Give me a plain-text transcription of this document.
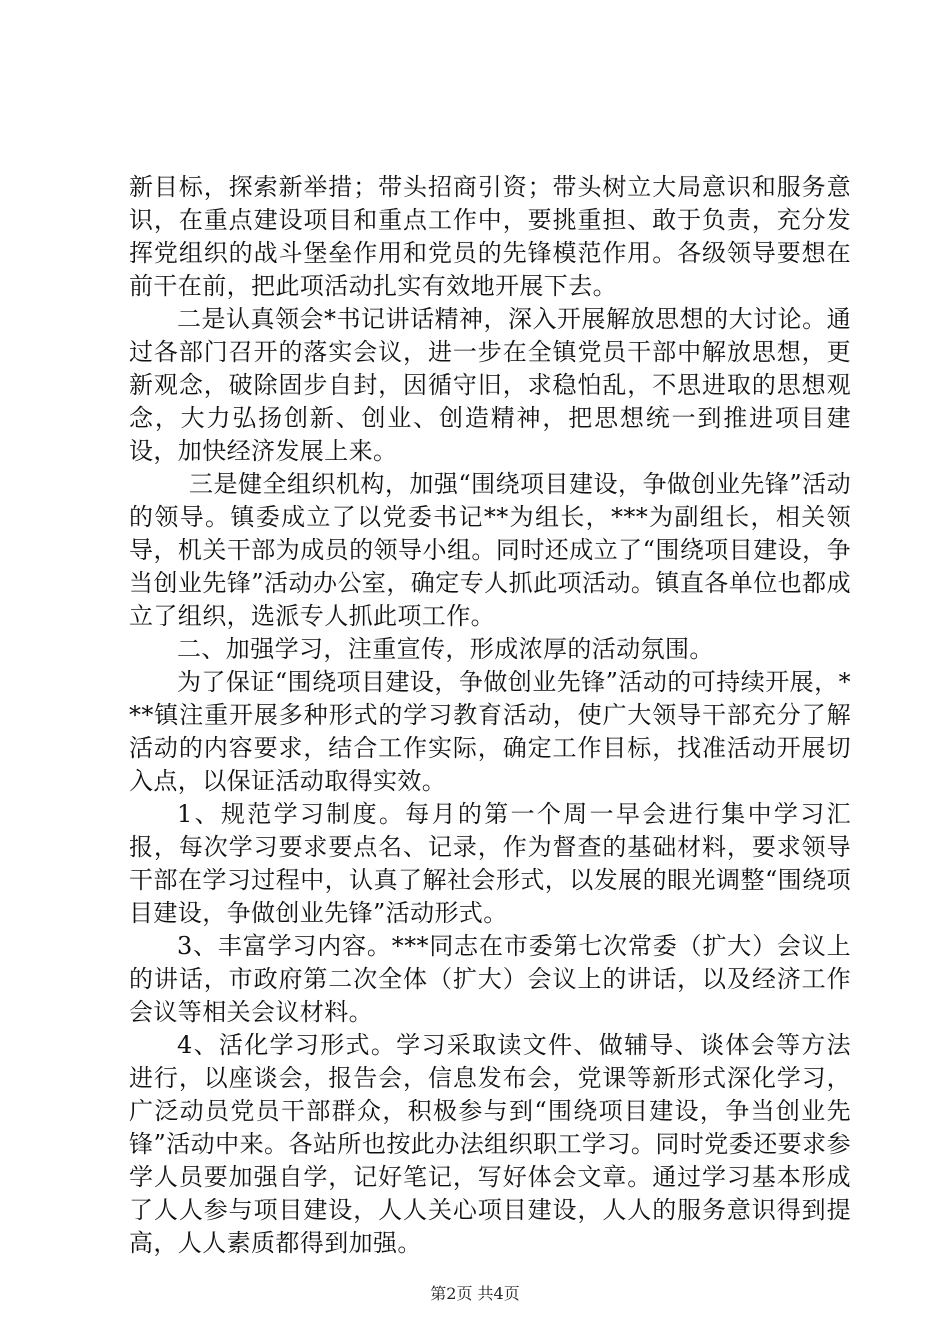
新目标，探索新举措；带头招商引资；带头树立大局意识和服务意识，在重点建设项目和重点工作中，要挑重担、敢于负责，充分发挥党组织的战斗堡垒作用和党员的先锋模范作用。各级领导要想在前干在前，把此项活动扎实有效地开展下去。

二是认真领会*书记讲话精神，深入开展解放思想的大讨论。通过各部门召开的落实会议，进一步在全镇党员干部中解放思想，更新观念，破除固步自封，因循守旧，求稳怕乱，不思进取的思想观念，大力弘扬创新、创业、创造精神，把思想统一到推进项目建设，加快经济发展上来。

三是健全组织机构，加强“围绕项目建设，争做创业先锋”活动的领导。镇委成立了以党委书记**为组长，***为副组长，相关领导，机关干部为成员的领导小组。同时还成立了“围绕项目建设，争当创业先锋”活动办公室，确定专人抓此项活动。镇直各单位也都成立了组织，选派专人抓此项工作。

二、加强学习，注重宣传，形成浓厚的活动氛围。

为了保证“围绕项目建设，争做创业先锋”活动的可持续开展，***镇注重开展多种形式的学习教育活动，使广大领导干部充分了解活动的内容要求，结合工作实际，确定工作目标，找准活动开展切入点，以保证活动取得实效。

1、规范学习制度。每月的第一个周一早会进行集中学习汇报，每次学习要求要点名、记录，作为督查的基础材料，要求领导干部在学习过程中，认真了解社会形式，以发展的眼光调整“围绕项目建设，争做创业先锋”活动形式。

3、丰富学习内容。***同志在市委第七次常委（扩大）会议上的讲话，市政府第二次全体（扩大）会议上的讲话，以及经济工作会议等相关会议材料。

4、活化学习形式。学习采取读文件、做辅导、谈体会等方法进行，以座谈会，报告会，信息发布会，党课等新形式深化学习，广泛动员党员干部群众，积极参与到“围绕项目建设，争当创业先锋”活动中来。各站所也按此办法组织职工学习。同时党委还要求参学人员要加强自学，记好笔记，写好体会文章。通过学习基本形成了人人参与项目建设，人人关心项目建设，人人的服务意识得到提高，人人素质都得到加强。

第2页 共4页
